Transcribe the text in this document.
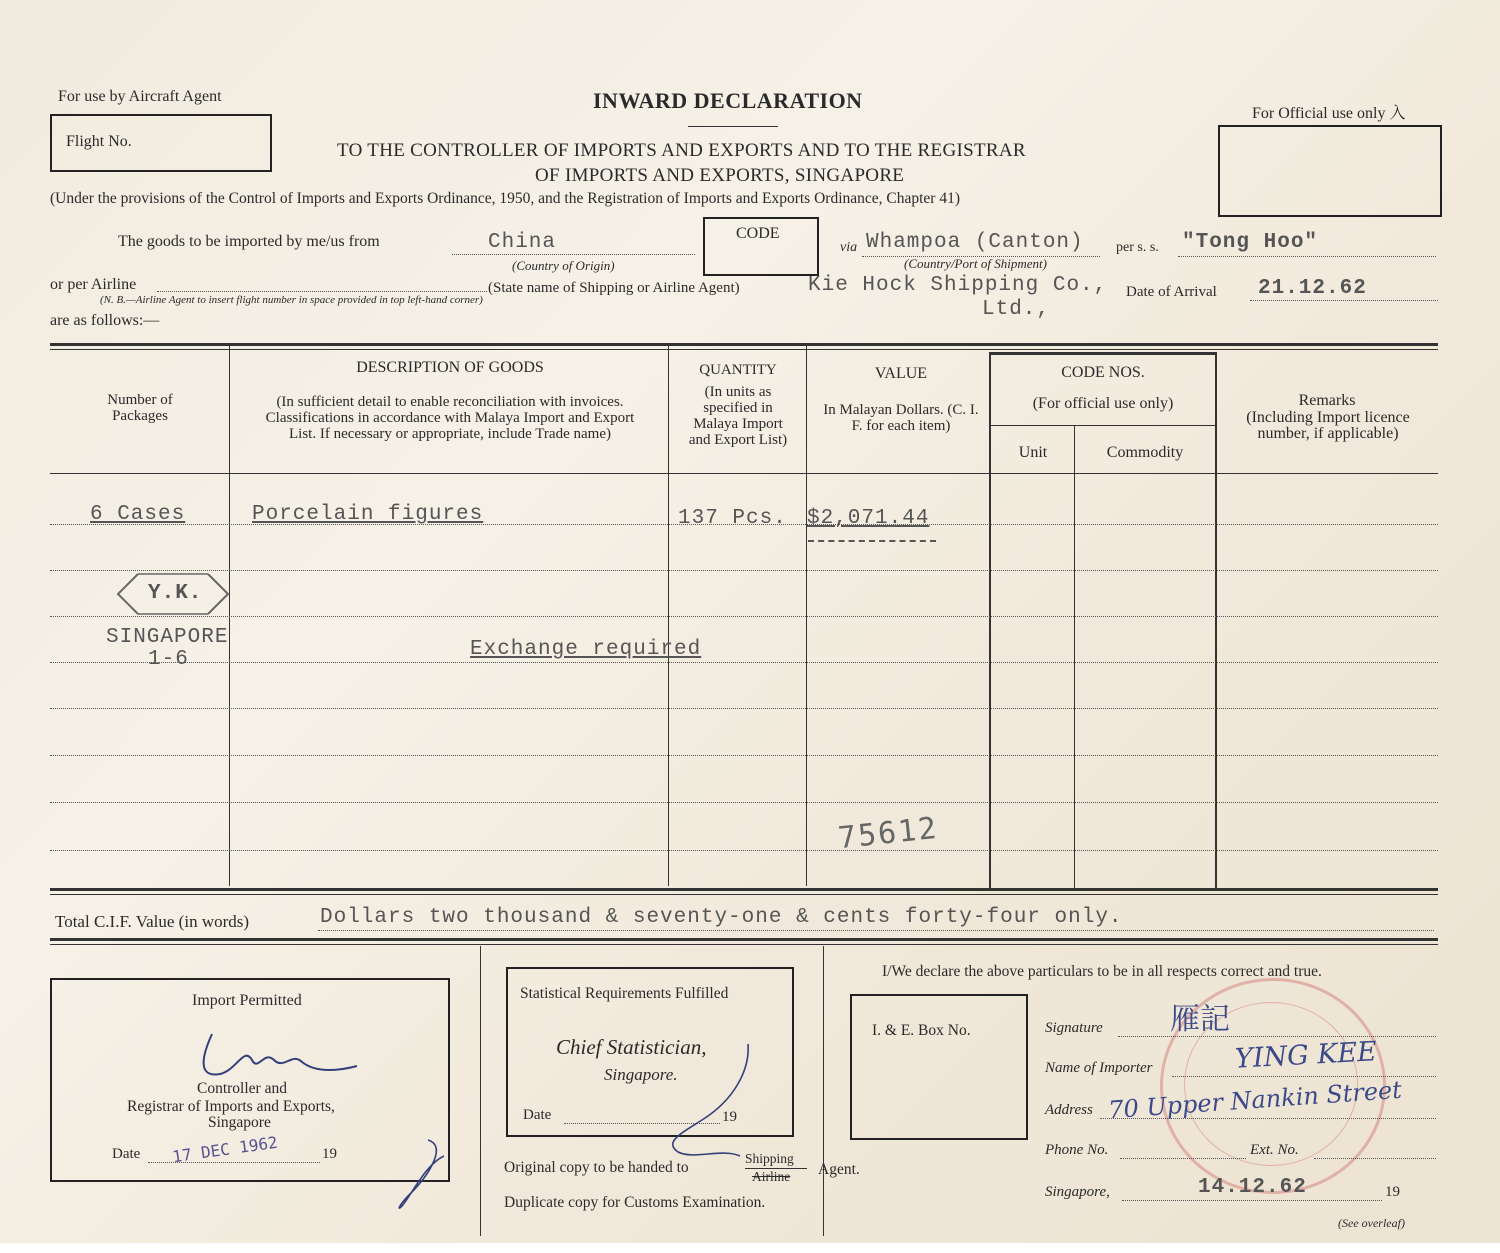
For use by Aircraft Agent
Flight No.
INWARD DECLARATION
For Official use only 入
TO THE CONTROLLER OF IMPORTS AND EXPORTS AND TO THE REGISTRAR
OF IMPORTS AND EXPORTS, SINGAPORE
(Under the provisions of the Control of Imports and Exports Ordinance, 1950, and the Registration of Imports and Exports Ordinance, Chapter 41)
The goods to be imported by me/us from	China
(Country of Origin)
CODE
via Whampoa (Canton)
(Country/Port of Shipment)
per s. s. "Tong Hoo"
or per Airline
(N. B.—Airline Agent to insert flight number in space provided in top left-hand corner)
(State name of Shipping or Airline Agent)	Kie Hock Shipping Co.,
Ltd.,
Date of Arrival 21.12.62
are as follows:—
Number of Packages
DESCRIPTION OF GOODS
(In sufficient detail to enable reconciliation with invoices. Classifications in accordance with Malaya Import and Export List. If necessary or appropriate, include Trade name)
QUANTITY
(In units as specified in Malaya Import and Export List)
VALUE
In Malayan Dollars. (C. I. F. for each item)
CODE NOS.
(For official use only)
Unit	Commodity
Remarks
(Including Import licence number, if applicable)
6 Cases	Porcelain figures	137 Pcs. $2,071.44
Y.K.
SINGAPORE
1-6	Exchange required
75612
Total C.I.F. Value (in words)	Dollars two thousand & seventy-one & cents forty-four only.
Import Permitted
Controller and
Registrar of Imports and Exports,
Singapore
Date 17 DEC 1962	19
Statistical Requirements Fulfilled
Chief Statistician,
Singapore.
Date	19
Original copy to be handed to
Shipping
Airline Agent.
Duplicate copy for Customs Examination.
I/We declare the above particulars to be in all respects correct and true.
I. & E. Box No.	Signature 雁記
Name of Importer	YING KEE
Address 70 Upper Nankin Street
Phone No.	Ext. No.
Singapore,	14.12.62	19
(See overleaf)
